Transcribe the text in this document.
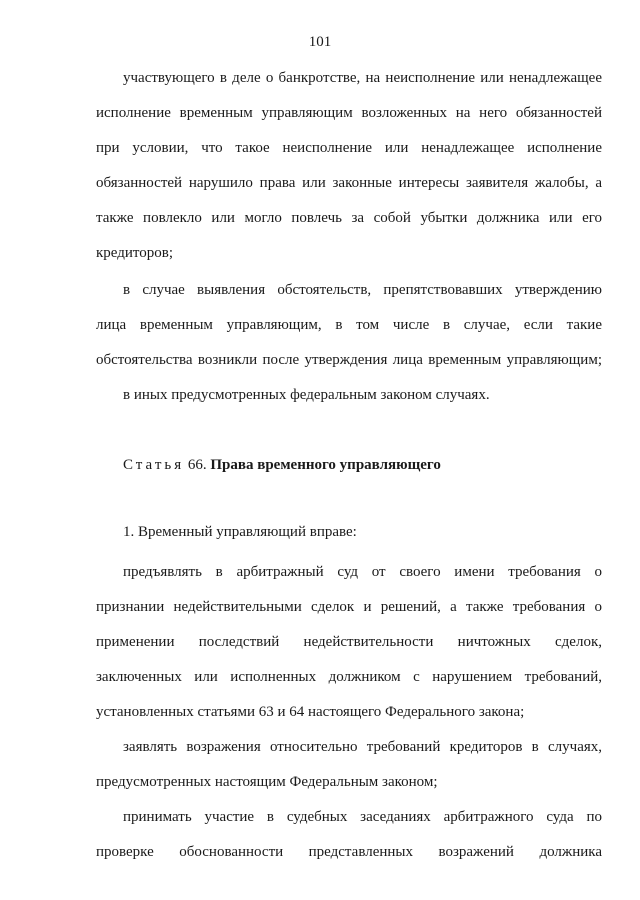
101
участвующего в деле о банкротстве, на неисполнение или ненадлежащее
исполнение временным управляющим возложенных на него обязанностей
при условии, что такое неисполнение или ненадлежащее исполнение
обязанностей нарушило права или законные интересы заявителя жалобы, а
также повлекло или могло повлечь за собой убытки должника или его
кредиторов;
в случае выявления обстоятельств, препятствовавших утверждению
лица временным управляющим, в том числе в случае, если такие
обстоятельства возникли после утверждения лица временным управляющим;
в иных предусмотренных федеральным законом случаях.
Статья 66. Права временного управляющего
1. Временный управляющий вправе:
предъявлять в арбитражный суд от своего имени требования о
признании недействительными сделок и решений, а также требования о
применении последствий недействительности ничтожных сделок,
заключенных или исполненных должником с нарушением требований,
установленных статьями 63 и 64 настоящего Федерального закона;
заявлять возражения относительно требований кредиторов в случаях,
предусмотренных настоящим Федеральным законом;
принимать участие в судебных заседаниях арбитражного суда по
проверке обоснованности представленных возражений должника
